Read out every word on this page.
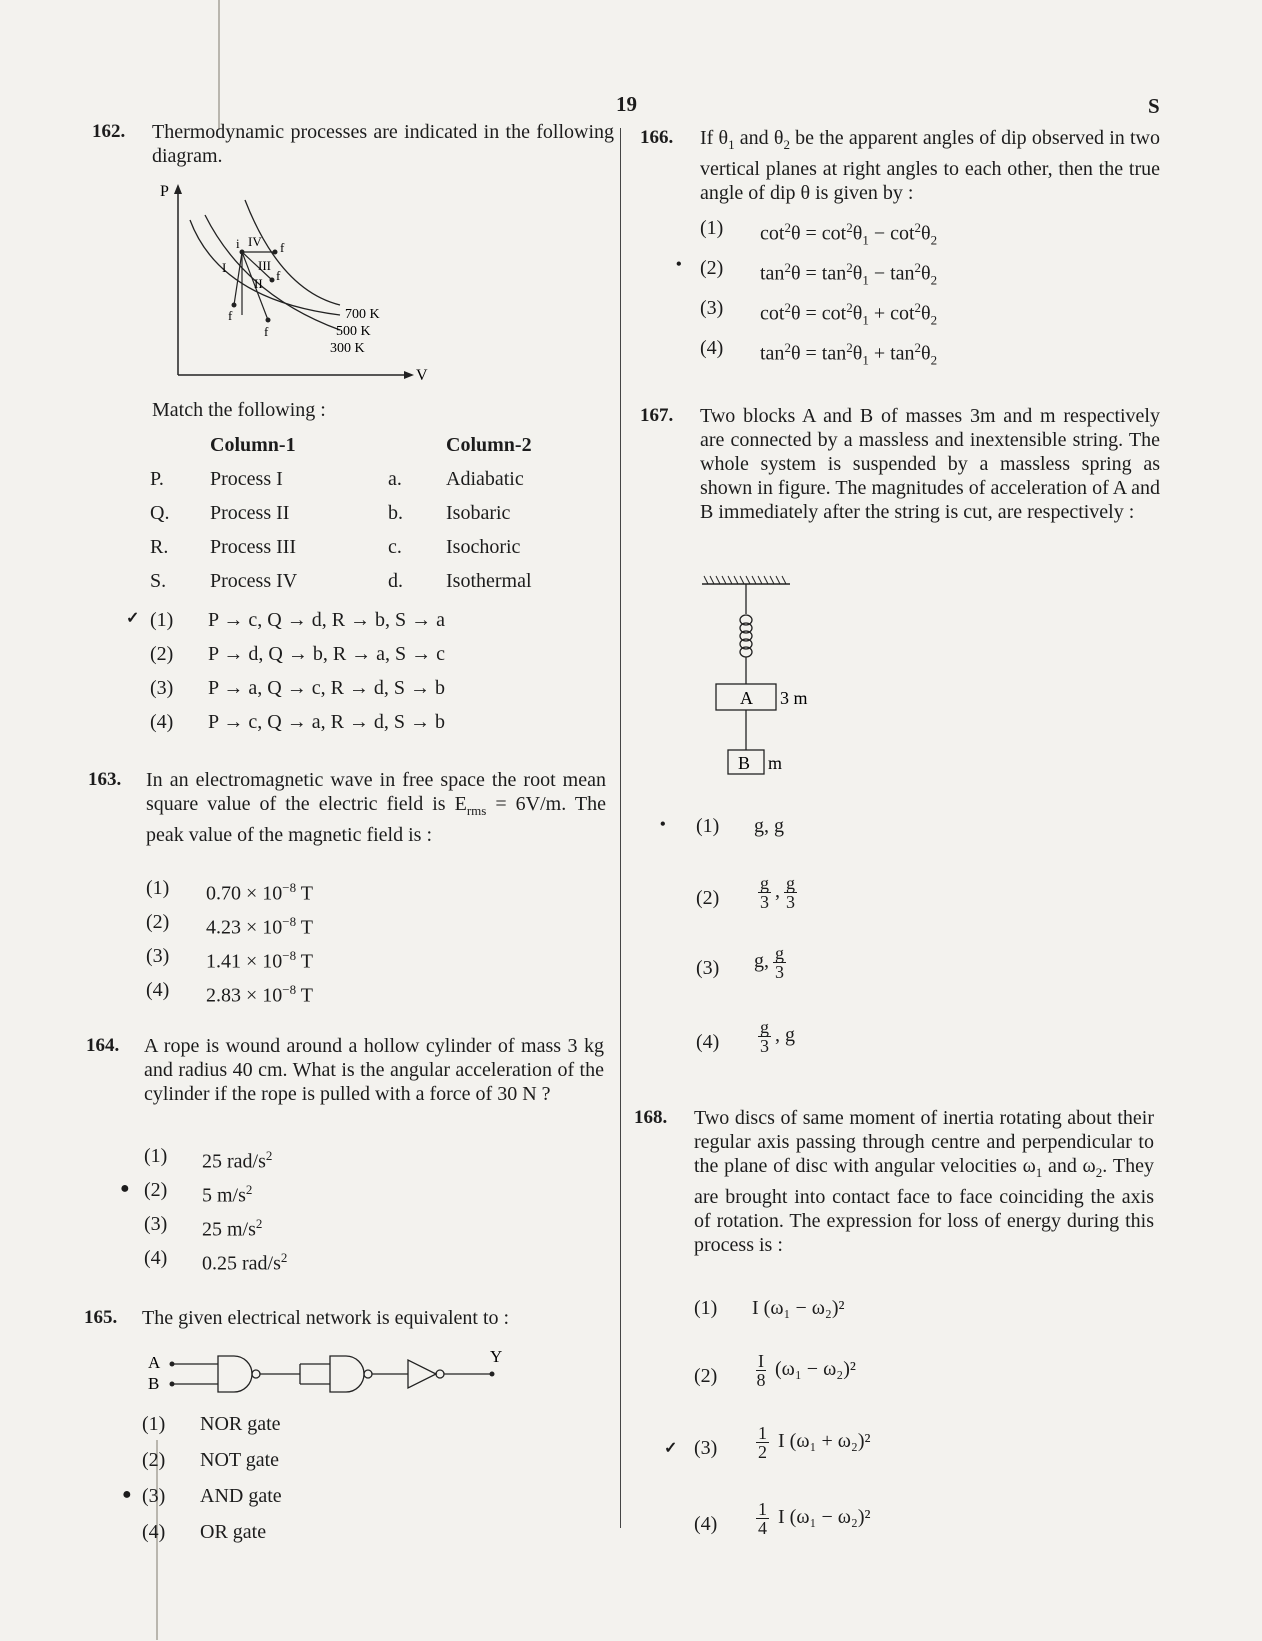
19	S
162. Thermodynamic processes are indicated in the following diagram.
P
V
i IV f
I III
II
f
f
f
700 K
500 K
300 K
Match the following :
Column-1	Column-2
P. Process I	a. Adiabatic
Q. Process II	b. Isobaric
R. Process III	c. Isochoric
S. Process IV	d. Isothermal
✓ (1) P → c, Q → d, R → b, S → a
(2) P → d, Q → b, R → a, S → c
(3) P → a, Q → c, R → d, S → b
(4) P → c, Q → a, R → d, S → b
163. In an electromagnetic wave in free space the root mean square value of the electric field is $E_{rms} = 6V/m$. The peak value of the magnetic field is :
(1) $0.70 \times 10^{-8}$ T
(2) $4.23 \times 10^{-8}$ T
(3) $1.41 \times 10^{-8}$ T
(4) $2.83 \times 10^{-8}$ T
164. A rope is wound around a hollow cylinder of mass 3 kg and radius 40 cm. What is the angular acceleration of the cylinder if the rope is pulled with a force of 30 N ?
(1) 25 rad/$s^2$
● (2) 5 $m/s^2$
(3) 25 $m/s^2$
(4) 0.25 rad/$s^2$
165. The given electrical network is equivalent to :
A
B
Y
(1) NOR gate
(2) NOT gate
● (3) AND gate
(4) OR gate
166. If $\theta_1$ and $\theta_2$ be the apparent angles of dip observed in two vertical planes at right angles to each other, then the true angle of dip θ is given by :
(1) $\cot^2\theta = \cot^2\theta_1 - \cot^2\theta_2$
• (2) $\tan^2\theta = \tan^2\theta_1 - \tan^2\theta_2$
(3) $\cot^2\theta = \cot^2\theta_1 + \cot^2\theta_2$
(4) $\tan^2\theta = \tan^2\theta_1 + \tan^2\theta_2$
167. Two blocks A and B of masses 3m and m respectively are connected by a massless and inextensible string. The whole system is suspended by a massless spring as shown in figure. The magnitudes of acceleration of A and B immediately after the string is cut, are respectively :
A 3 m
B m
• (1) g, g
$(2) \frac{g}{3}$ , $\frac{g}{3}$
(3) g, $\frac{g}{3}$
$(4) \frac{g}{3}$ , g
168. Two discs of same moment of inertia rotating about their regular axis passing through centre and perpendicular to the plane of disc with angular velocities $\omega_1$ and $\omega_2$. They are brought into contact face to face coinciding the axis of rotation. The expression for loss of energy during this process is :
(1) I (ω₁ − ω₂)²
$(2) \frac{I}{8} (\omega_1 - \omega_2)^2$
✓ $(3) \frac{1}{2}$ I (ω₁ + ω₂)²
$(4) \frac{1}{4}$ I (ω₁ − ω₂)²
